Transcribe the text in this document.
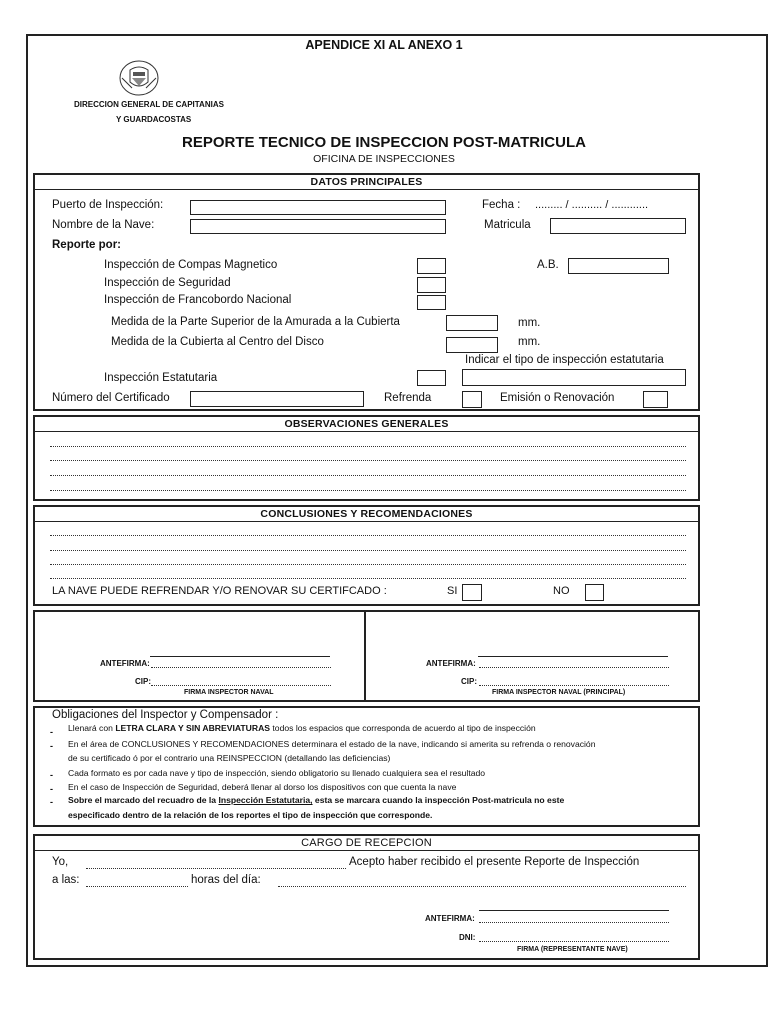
APENDICE XI AL ANEXO 1
DIRECCION GENERAL DE CAPITANIAS
Y GUARDACOSTAS
REPORTE TECNICO DE INSPECCION POST-MATRICULA
OFICINA DE INSPECCIONES
DATOS PRINCIPALES
Puerto de Inspección:	Fecha : ......... / .......... / ............
Nombre de la Nave:	Matricula
Reporte por:
Inspección de Compas Magnetico	A.B.
Inspección de Seguridad
Inspección de Francobordo Nacional
Medida de la Parte Superior de la Amurada a la Cubierta	mm.
Medida de la Cubierta al Centro del Disco	mm.
Indicar el tipo de inspección estatutaria
Inspección Estatutaria
Número del Certificado	Refrenda	Emisión o Renovación
OBSERVACIONES GENERALES
CONCLUSIONES Y RECOMENDACIONES
LA NAVE PUEDE REFRENDAR Y/O RENOVAR SU CERTIFCADO :	SI	NO
ANTEFIRMA:
CIP:
FIRMA INSPECTOR NAVAL
ANTEFIRMA:
CIP:
FIRMA INSPECTOR NAVAL (PRINCIPAL)
Obligaciones del Inspector y Compensador :
- Llenará con LETRA CLARA Y SIN ABREVIATURAS todos los espacios que corresponda de acuerdo al tipo de inspección
- En el área de CONCLUSIONES Y RECOMENDACIONES determinara el estado de la nave, indicando si amerita su refrenda o renovación
de su certificado ó por el contrario una REINSPECCION (detallando las deficiencias)
- Cada formato es por cada nave y tipo de inspección, siendo obligatorio su llenado cualquiera sea el resultado
- En el caso de Inspección de Seguridad, deberá llenar al dorso los dispositivos con que cuenta la nave
- Sobre el marcado del recuadro de la Inspección Estatutaria, esta se marcara cuando la inspección Post-matricula no este
especificado dentro de la relación de los reportes el tipo de inspección que corresponde.
CARGO DE RECEPCION
Yo,	Acepto haber recibido el presente Reporte de Inspección
a las:	horas del día:
ANTEFIRMA:
DNI:
FIRMA (REPRESENTANTE NAVE)
